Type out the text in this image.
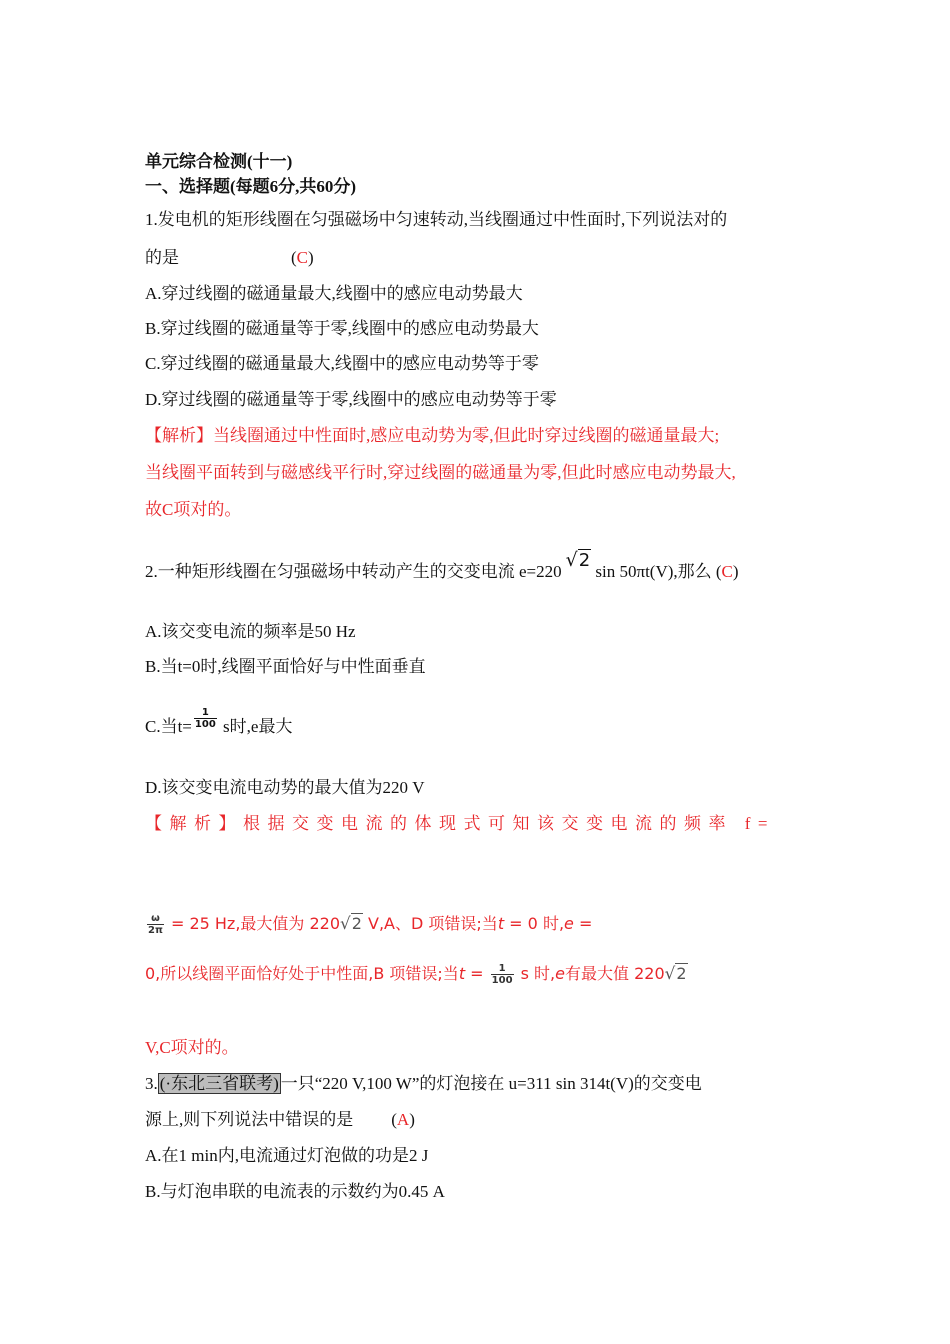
单元综合检测(十一)
一、选择题(每题6分,共60分)
1.发电机的矩形线圈在匀强磁场中匀速转动,当线圈通过中性面时,下列说法对的
的是	(C)
A.穿过线圈的磁通量最大,线圈中的感应电动势最大
B.穿过线圈的磁通量等于零,线圈中的感应电动势最大
C.穿过线圈的磁通量最大,线圈中的感应电动势等于零
D.穿过线圈的磁通量等于零,线圈中的感应电动势等于零
【解析】当线圈通过中性面时,感应电动势为零,但此时穿过线圈的磁通量最大;
当线圈平面转到与磁感线平行时,穿过线圈的磁通量为零,但此时感应电动势最大,
故C项对的。
2.一种矩形线圈在匀强磁场中转动产生的交变电流 e=220√2 sin 50πt(V),那么 (C)
A.该交变电流的频率是50 Hz
B.当t=0时,线圈平面恰好与中性面垂直
C.当$t= \frac{1}{100}$ s时,e最大
D.该交变电流电动势的最大值为220 V
【解析】根据交变电流的体现式可知该交变电流的频率 f=
$\frac{\omega}{2\pi} = 25$ Hz,最大值为 220√2 V,A、D 项错误;当t = 0 时,e =
0,所以线圈平面恰好处于中性面,B 项错误;当$t = \frac{1}{100}$ s 时,e有最大值 220√2
V,C项对的。
3. (·东北三省联考) 一只“220 V,100 W”的灯泡接在 u=311 sin 314t(V)的交变电
源上,则下列说法中错误的是 (A)
A.在1 min内,电流通过灯泡做的功是2 J
B.与灯泡串联的电流表的示数约为0.45 A
